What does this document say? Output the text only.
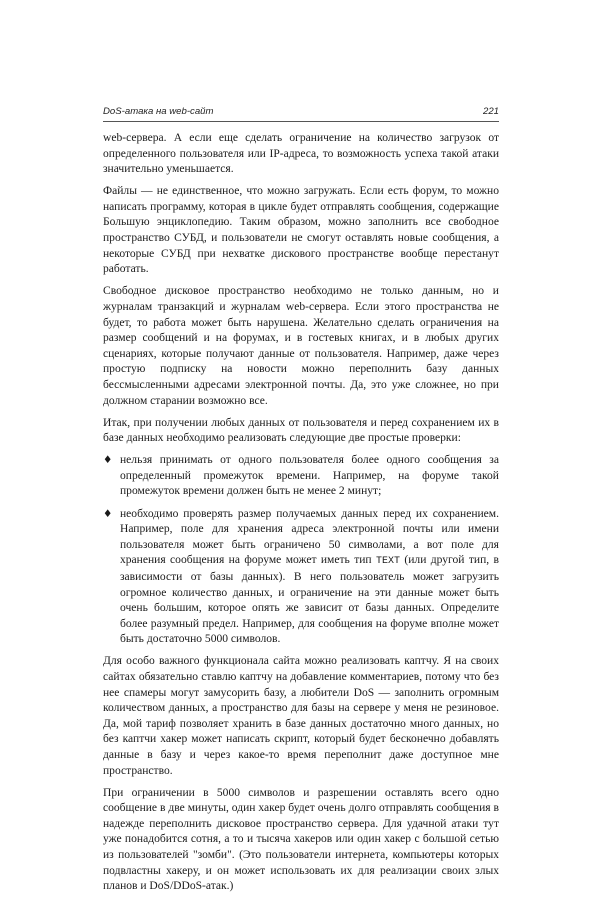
DoS-атака на web-сайт	221

web-сервера. А если еще сделать ограничение на количество загрузок от определенного пользователя или IP-адреса, то возможность успеха такой атаки значительно уменьшается.

Файлы — не единственное, что можно загружать. Если есть форум, то можно написать программу, которая в цикле будет отправлять сообщения, содержащие Большую энциклопедию. Таким образом, можно заполнить все свободное пространство СУБД, и пользователи не смогут оставлять новые сообщения, а некоторые СУБД при нехватке дискового пространстве вообще перестанут работать.

Свободное дисковое пространство необходимо не только данным, но и журналам транзакций и журналам web-сервера. Если этого пространства не будет, то работа может быть нарушена. Желательно сделать ограничения на размер сообщений и на форумах, и в гостевых книгах, и в любых других сценариях, которые получают данные от пользователя. Например, даже через простую подписку на новости можно переполнить базу данных бессмысленными адресами электронной почты. Да, это уже сложнее, но при должном старании возможно все.

Итак, при получении любых данных от пользователя и перед сохранением их в базе данных необходимо реализовать следующие две простые проверки:

♦ нельзя принимать от одного пользователя более одного сообщения за определенный промежуток времени. Например, на форуме такой промежуток времени должен быть не менее 2 минут;
♦ необходимо проверять размер получаемых данных перед их сохранением. Например, поле для хранения адреса электронной почты или имени пользователя может быть ограничено 50 символами, а вот поле для хранения сообщения на форуме может иметь тип TEXT (или другой тип, в зависимости от базы данных). В него пользователь может загрузить огромное количество данных, и ограничение на эти данные может быть очень большим, которое опять же зависит от базы данных. Определите более разумный предел. Например, для сообщения на форуме вполне может быть достаточно 5000 символов.

Для особо важного функционала сайта можно реализовать каптчу. Я на своих сайтах обязательно ставлю каптчу на добавление комментариев, потому что без нее спамеры могут замусорить базу, а любители DoS — заполнить огромным количеством данных, а пространство для базы на сервере у меня не резиновое. Да, мой тариф позволяет хранить в базе данных достаточно много данных, но без каптчи хакер может написать скрипт, который будет бесконечно добавлять данные в базу и через какое-то время переполнит даже доступное мне пространство.

При ограничении в 5000 символов и разрешении оставлять всего одно сообщение в две минуты, один хакер будет очень долго отправлять сообщения в надежде переполнить дисковое пространство сервера. Для удачной атаки тут уже понадобится сотня, а то и тысяча хакеров или один хакер с большой сетью из пользователей "зомби". (Это пользователи интернета, компьютеры которых подвластны хакеру, и он может использовать их для реализации своих злых планов и DoS/DDoS-атак.)
